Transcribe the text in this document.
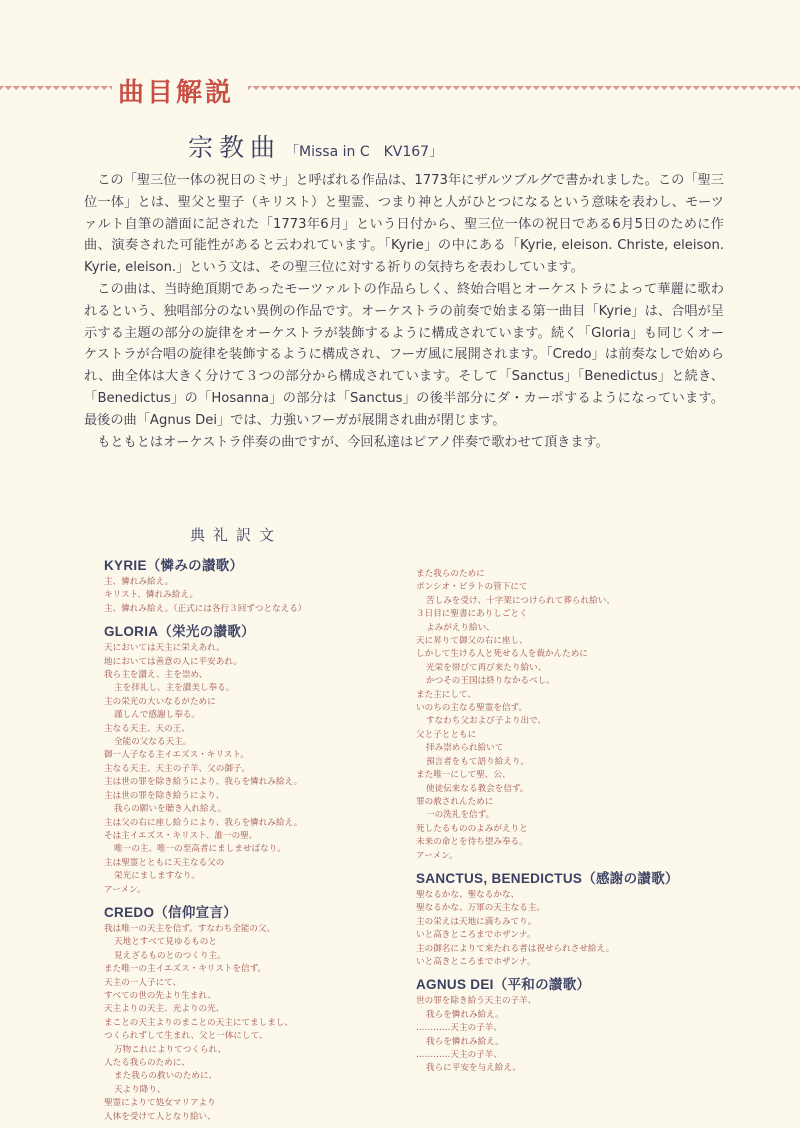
曲目解説
宗教曲 「Missa in C　KV167」

この「聖三位一体の祝日のミサ」と呼ばれる作品は、1773年にザルツブルグで書かれました。この「聖三位一体」とは、聖父と聖子（キリスト）と聖霊、つまり神と人がひとつになるという意味を表わし、モーツァルト自筆の譜面に記された「1773年6月」という日付から、聖三位一体の祝日である6月5日のために作曲、演奏された可能性があると云われています。「Kyrie」の中にある「Kyrie, eleison. Christe, eleison. Kyrie, eleison.」という文は、その聖三位に対する祈りの気持ちを表わしています。

この曲は、当時絶頂期であったモーツァルトの作品らしく、終始合唱とオーケストラによって華麗に歌われるという、独唱部分のない異例の作品です。オーケストラの前奏で始まる第一曲目「Kyrie」は、合唱が呈示する主題の部分の旋律をオーケストラが装飾するように構成されています。続く「Gloria」も同じくオーケストラが合唱の旋律を装飾するように構成され、フーガ風に展開されます。「Credo」は前奏なしで始められ、曲全体は大きく分けて３つの部分から構成されています。そして「Sanctus」「Benedictus」と続き、「Benedictus」の「Hosanna」の部分は「Sanctus」の後半部分にダ・カーポするようになっています。最後の曲「Agnus Dei」では、力強いフーガが展開され曲が閉じます。

もともとはオーケストラ伴奏の曲ですが、今回私達はピアノ伴奏で歌わせて頂きます。

典礼訳文
KYRIE（憐みの讃歌）
主、憐れみ給え。
キリスト、憐れみ給え。
主、憐れみ給え。（正式には各行３回ずつとなえる）
GLORIA（栄光の讃歌）
天においては天主に栄えあれ。
地においては善意の人に平安あれ。
我ら主を讃え、主を崇め、
主を拝礼し、主を讃美し奉る。
主の栄光の大いなるがために
謹しんで感謝し奉る。
主なる天主、天の王、
全能の父なる天主。
御一人子なる主イエズス・キリスト。
主なる天主、天主の子羊、父の御子。
主は世の罪を除き給うにより、我らを憐れみ給え。
主は世の罪を除き給うにより、
我らの願いを聴き入れ給え。
主は父の右に座し給うにより、我らを憐れみ給え。
そは主イエズス・キリスト、誰一の聖、
唯一の主、唯一の至高者にましませばなり。
主は聖霊とともに天主なる父の
栄光にましますなり。
アーメン。
CREDO（信仰宣言）
我は唯一の天主を信ず。すなわち全能の父、
天地とすべて見ゆるものと
見えざるものとのつくり主。
また唯一の主イエズス・キリストを信ず。
天主の一人子にて、
すべての世の先より生まれ、
天主よりの天主、光よりの光、
まことの天主よりのまことの天主にてましまし、
つくられずして生まれ、父と一体にして、
万物これによりてつくられ、
人たる我らのために、
また我らの救いのために、
天より降り、
聖霊によりて処女マリアより
人体を受けて人となり給い、
また我らのために
ポンシオ・ピラトの管下にて
苦しみを受け、十字架につけられて葬られ給い、
３日目に聖書にありしごとく
よみがえり給い、
天に昇りて御父の右に座し、
しかして生ける人と死せる人を裁かんために
光栄を帯びて再び来たり給い、
かつその王国は終りなかるべし。
また主にして、
いのちの主なる聖霊を信ず。
すなわち父および子より出で、
父と子とともに
拝み崇められ給いて
預言者をもて語り給えり。
また唯一にして聖、公、
使徒伝来なる教会を信ず。
罪の赦されんために
一の洗礼を信ず。
死したるもののよみがえりと
未来の命とを待ち望み奉る。
アーメン。
SANCTUS, BENEDICTUS（感謝の讃歌）
聖なるかな、聖なるかな、
聖なるかな、万軍の天主なる主。
主の栄えは天地に満ちみてり。
いと高きところまでホザンナ。
主の御名によりて来たれる者は祝せられさせ給え。
いと高きところまでホザンナ。
AGNUS DEI（平和の讃歌）
世の罪を除き給う天主の子羊、
我らを憐れみ給え。
…………天主の子羊、
我らを憐れみ給え。
…………天主の子羊、
我らに平安を与え給え。
